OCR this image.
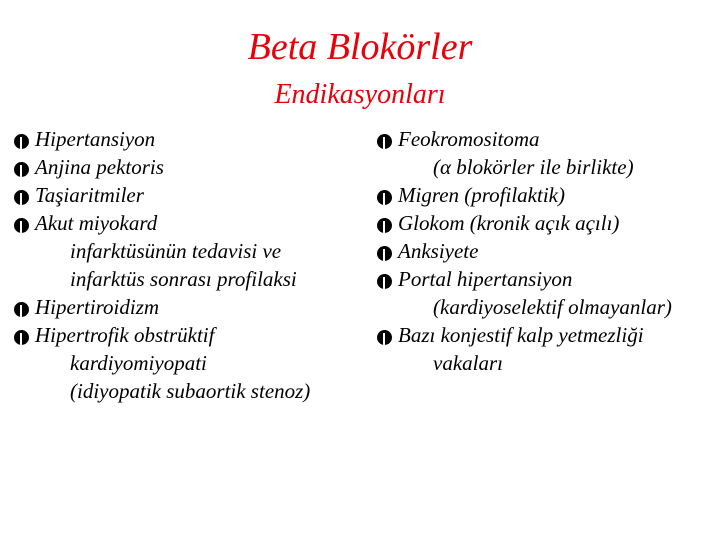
Beta Blokörler
Endikasyonları
Hipertansiyon
Anjina pektoris
Taşiaritmiler
Akut miyokard
infarktüsünün tedavisi ve
infarktüs sonrası profilaksi
Hipertiroidizm
Hipertrofik obstrüktif
kardiyomiyopati
(idiyopatik subaortik stenoz)
Feokromositoma
(α blokörler ile birlikte)
Migren (profilaktik)
Glokom (kronik açık açılı)
Anksiyete
Portal hipertansiyon
(kardiyoselektif olmayanlar)
Bazı konjestif kalp yetmezliği
vakaları
